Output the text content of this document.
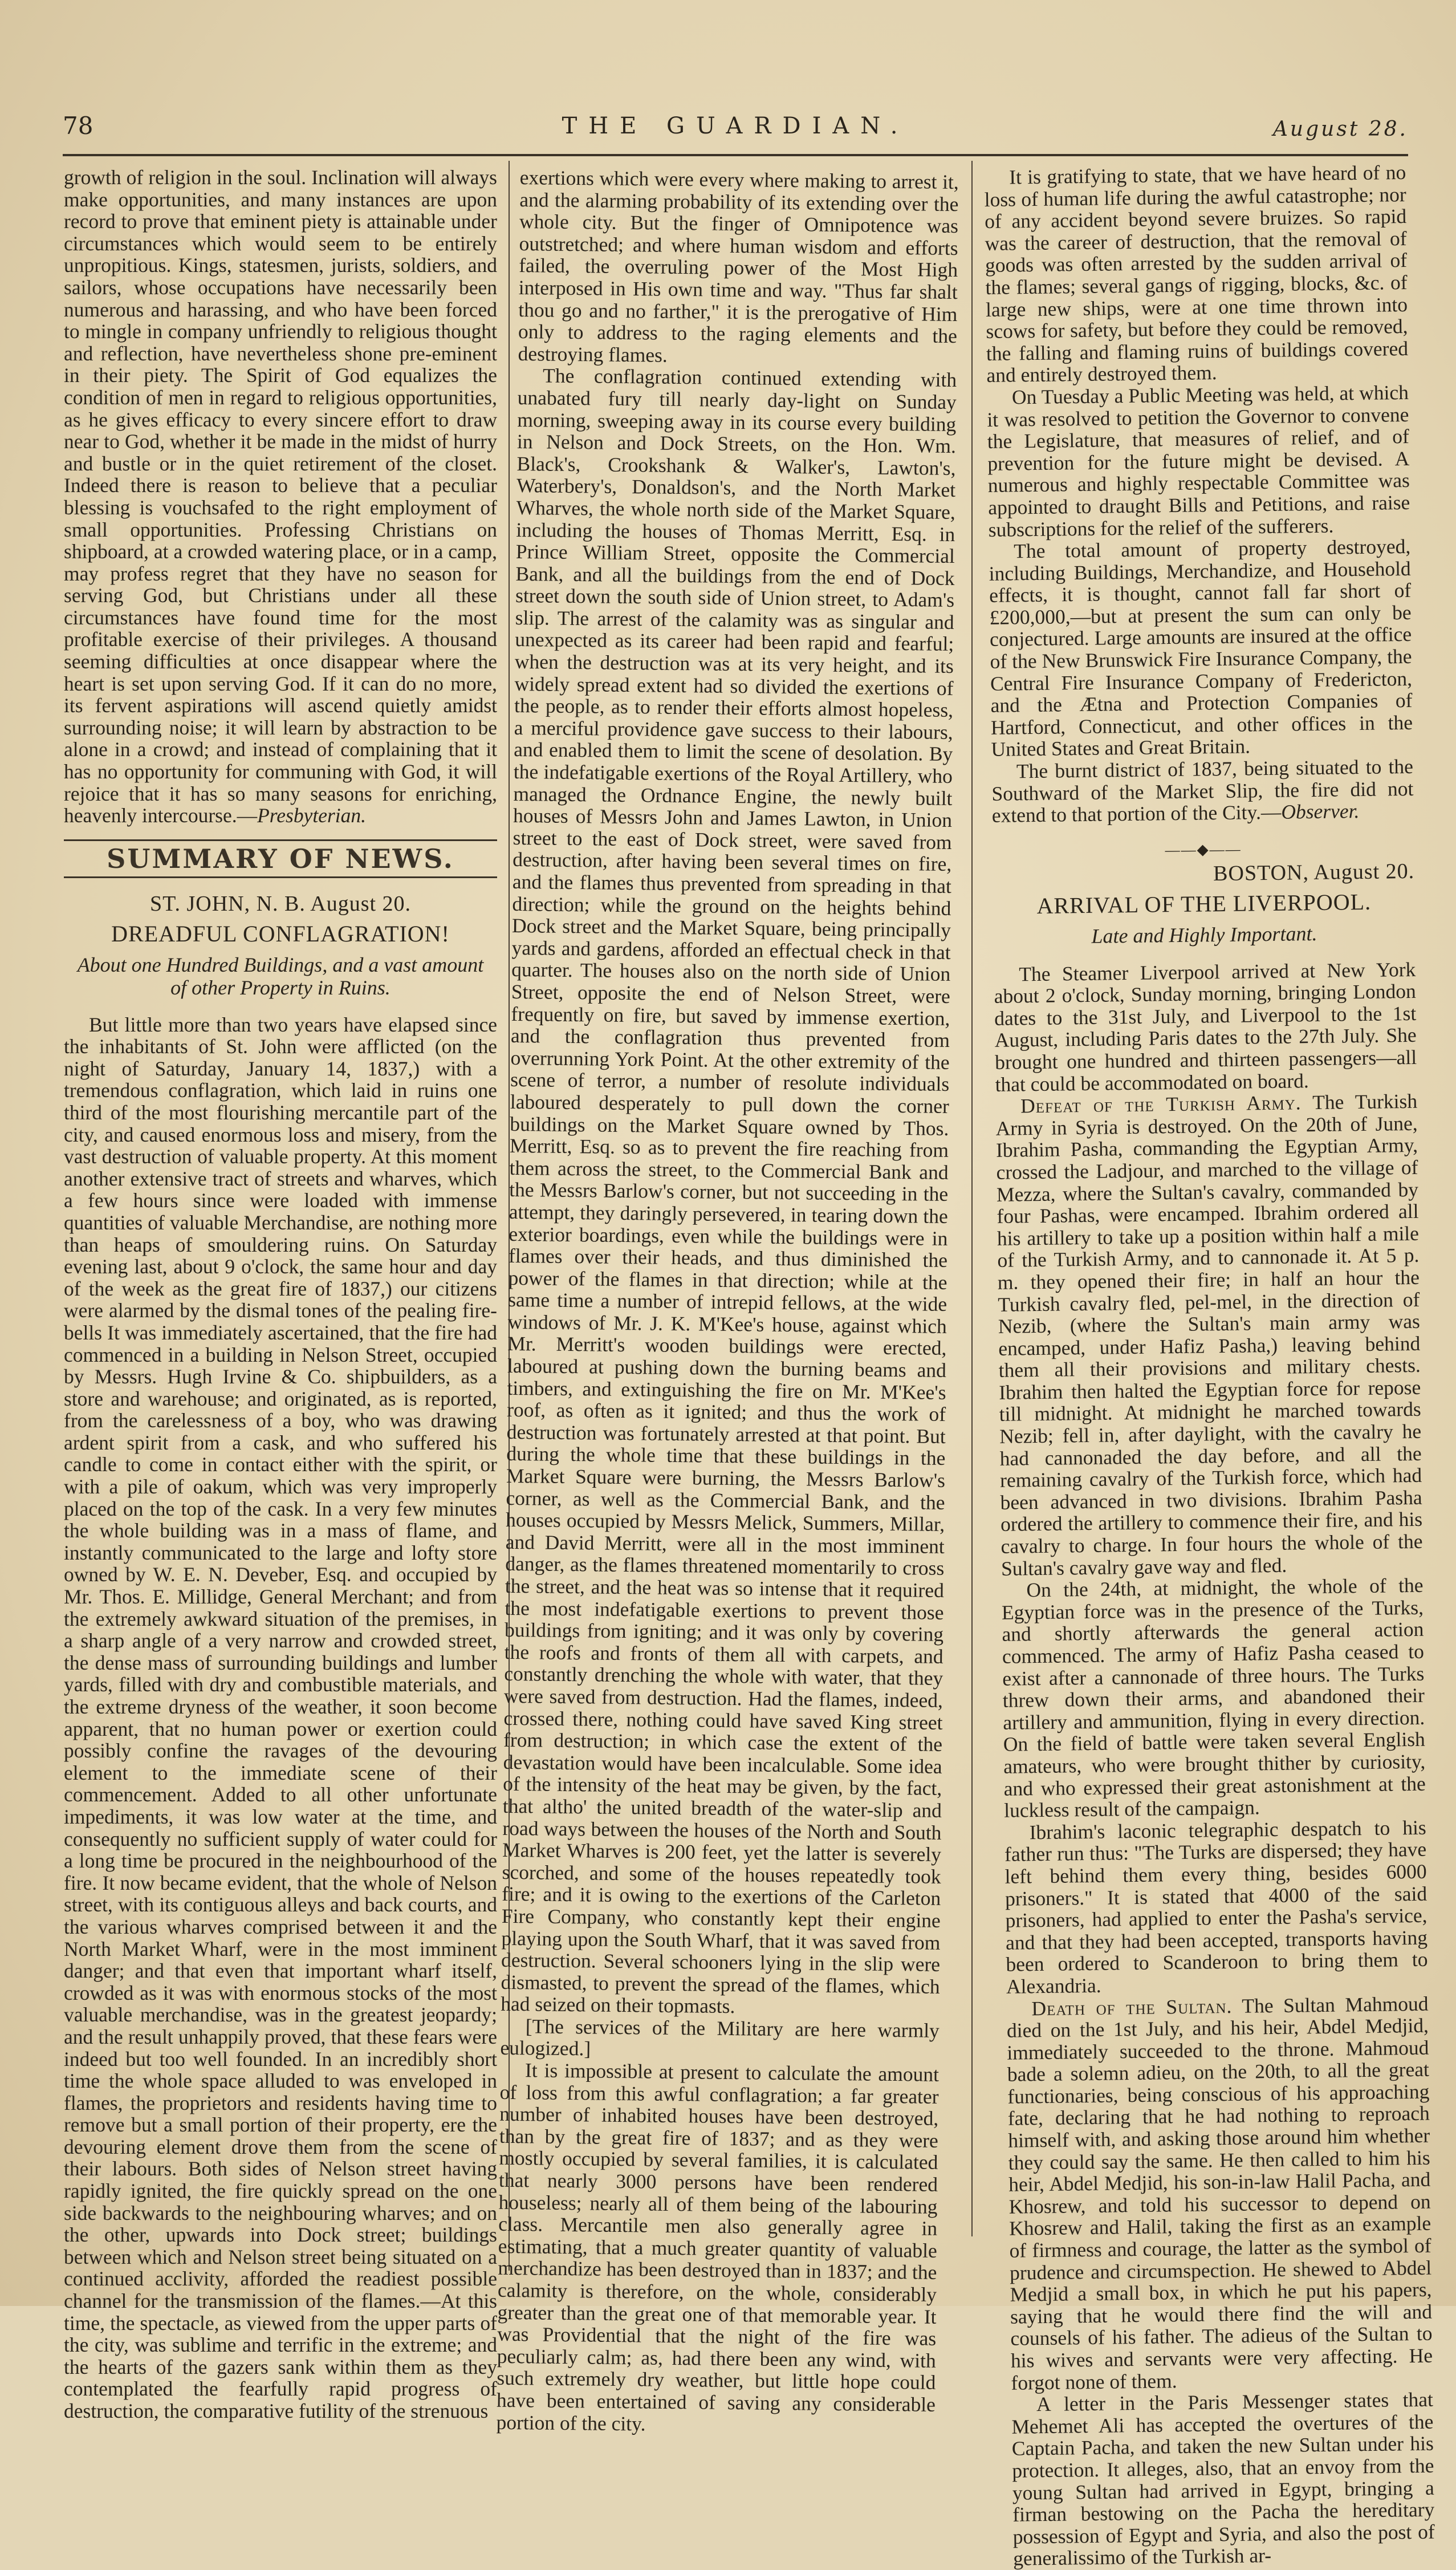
78	THE GUARDIAN.	August 28.

growth of religion in the soul. Inclination will always make opportunities, and many instances are upon record to prove that eminent piety is attainable under circumstances which would seem to be entirely unpropitious. Kings, statesmen, jurists, soldiers, and sailors, whose occupations have necessarily been numerous and harassing, and who have been forced to mingle in company unfriendly to religious thought and reflection, have nevertheless shone pre-eminent in their piety. The Spirit of God equalizes the condition of men in regard to religious opportunities, as he gives efficacy to every sincere effort to draw near to God, whether it be made in the midst of hurry and bustle or in the quiet retirement of the closet. Indeed there is reason to believe that a peculiar blessing is vouchsafed to the right employment of small opportunities. Professing Christians on shipboard, at a crowded watering place, or in a camp, may profess regret that they have no season for serving God, but Christians under all these circumstances have found time for the most profitable exercise of their privileges. A thousand seeming difficulties at once disappear where the heart is set upon serving God. If it can do no more, its fervent aspirations will ascend quietly amidst surrounding noise; it will learn by abstraction to be alone in a crowd; and instead of complaining that it has no opportunity for communing with God, it will rejoice that it has so many seasons for enriching, heavenly intercourse.—Presbyterian.

SUMMARY OF NEWS.
ST. JOHN, N. B. August 20.
DREADFUL CONFLAGRATION!
About one Hundred Buildings, and a vast amount of other Property in Ruins.

But little more than two years have elapsed since the inhabitants of St. John were afflicted (on the night of Saturday, January 14, 1837,) with a tremendous conflagration, which laid in ruins one third of the most flourishing mercantile part of the city, and caused enormous loss and misery, from the vast destruction of valuable property. At this moment another extensive tract of streets and wharves, which a few hours since were loaded with immense quantities of valuable Merchandise, are nothing more than heaps of smouldering ruins. On Saturday evening last, about 9 o'clock, the same hour and day of the week as the great fire of 1837,) our citizens were alarmed by the dismal tones of the pealing fire-bells It was immediately ascertained, that the fire had commenced in a building in Nelson Street, occupied by Messrs. Hugh Irvine & Co. shipbuilders, as a store and warehouse; and originated, as is reported, from the carelessness of a boy, who was drawing ardent spirit from a cask, and who suffered his candle to come in contact either with the spirit, or with a pile of oakum, which was very improperly placed on the top of the cask. In a very few minutes the whole building was in a mass of flame, and instantly communicated to the large and lofty store owned by W. E. N. Deveber, Esq. and occupied by Mr. Thos. E. Millidge, General Merchant; and from the extremely awkward situation of the premises, in a sharp angle of a very narrow and crowded street, the dense mass of surrounding buildings and lumber yards, filled with dry and combustible materials, and the extreme dryness of the weather, it soon become apparent, that no human power or exertion could possibly confine the ravages of the devouring element to the immediate scene of their commencement. Added to all other unfortunate impediments, it was low water at the time, and consequently no sufficient supply of water could for a long time be procured in the neighbourhood of the fire. It now became evident, that the whole of Nelson street, with its contiguous alleys and back courts, and the various wharves comprised between it and the North Market Wharf, were in the most imminent danger; and that even that important wharf itself, crowded as it was with enormous stocks of the most valuable merchandise, was in the greatest jeopardy; and the result unhappily proved, that these fears were indeed but too well founded. In an incredibly short time the whole space alluded to was enveloped in flames, the proprietors and residents having time to remove but a small portion of their property, ere the devouring element drove them from the scene of their labours. Both sides of Nelson street having rapidly ignited, the fire quickly spread on the one side backwards to the neighbouring wharves; and on the other, upwards into Dock street; buildings between which and Nelson street being situated on a continued acclivity, afforded the readiest possible channel for the transmission of the flames.—At this time, the spectacle, as viewed from the upper parts of the city, was sublime and terrific in the extreme; and the hearts of the gazers sank within them as they contemplated the fearfully rapid progress of destruction, the comparative futility of the strenuous

exertions which were every where making to arrest it, and the alarming probability of its extending over the whole city. But the finger of Omnipotence was outstretched; and where human wisdom and efforts failed, the overruling power of the Most High interposed in His own time and way. "Thus far shalt thou go and no farther," it is the prerogative of Him only to address to the raging elements and the destroying flames.

The conflagration continued extending with unabated fury till nearly day-light on Sunday morning, sweeping away in its course every building in Nelson and Dock Streets, on the Hon. Wm. Black's, Crookshank & Walker's, Lawton's, Waterbery's, Donaldson's, and the North Market Wharves, the whole north side of the Market Square, including the houses of Thomas Merritt, Esq. in Prince William Street, opposite the Commercial Bank, and all the buildings from the end of Dock street down the south side of Union street, to Adam's slip. The arrest of the calamity was as singular and unexpected as its career had been rapid and fearful; when the destruction was at its very height, and its widely spread extent had so divided the exertions of the people, as to render their efforts almost hopeless, a merciful providence gave success to their labours, and enabled them to limit the scene of desolation. By the indefatigable exertions of the Royal Artillery, who managed the Ordnance Engine, the newly built houses of Messrs John and James Lawton, in Union street to the east of Dock street, were saved from destruction, after having been several times on fire, and the flames thus prevented from spreading in that direction; while the ground on the heights behind Dock street and the Market Square, being principally yards and gardens, afforded an effectual check in that quarter. The houses also on the north side of Union Street, opposite the end of Nelson Street, were frequently on fire, but saved by immense exertion, and the conflagration thus prevented from overrunning York Point. At the other extremity of the scene of terror, a number of resolute individuals laboured desperately to pull down the corner buildings on the Market Square owned by Thos. Merritt, Esq. so as to prevent the fire reaching from them across the street, to the Commercial Bank and the Messrs Barlow's corner, but not succeeding in the attempt, they daringly persevered, in tearing down the exterior boardings, even while the buildings were in flames over their heads, and thus diminished the power of the flames in that direction; while at the same time a number of intrepid fellows, at the wide windows of Mr. J. K. M'Kee's house, against which Mr. Merritt's wooden buildings were erected, laboured at pushing down the burning beams and timbers, and extinguishing the fire on Mr. M'Kee's roof, as often as it ignited; and thus the work of destruction was fortunately arrested at that point. But during the whole time that these buildings in the Market Square were burning, the Messrs Barlow's corner, as well as the Commercial Bank, and the houses occupied by Messrs Melick, Summers, Millar, and David Merritt, were all in the most imminent danger, as the flames threatened momentarily to cross the street, and the heat was so intense that it required the most indefatigable exertions to prevent those buildings from igniting; and it was only by covering the roofs and fronts of them all with carpets, and constantly drenching the whole with water, that they were saved from destruction. Had the flames, indeed, crossed there, nothing could have saved King street from destruction; in which case the extent of the devastation would have been incalculable. Some idea of the intensity of the heat may be given, by the fact, that altho' the united breadth of the water-slip and road ways between the houses of the North and South Market Wharves is 200 feet, yet the latter is severely scorched, and some of the houses repeatedly took fire; and it is owing to the exertions of the Carleton Fire Company, who constantly kept their engine playing upon the South Wharf, that it was saved from destruction. Several schooners lying in the slip were dismasted, to prevent the spread of the flames, which had seized on their topmasts.

[The services of the Military are here warmly eulogized.]

It is impossible at present to calculate the amount of loss from this awful conflagration; a far greater number of inhabited houses have been destroyed, than by the great fire of 1837; and as they were mostly occupied by several families, it is calculated that nearly 3000 persons have been rendered houseless; nearly all of them being of the labouring class. Mercantile men also generally agree in estimating, that a much greater quantity of valuable merchandize has been destroyed than in 1837; and the calamity is therefore, on the whole, considerably greater than the great one of that memorable year. It was Providential that the night of the fire was peculiarly calm; as, had there been any wind, with such extremely dry weather, but little hope could have been entertained of saving any considerable portion of the city.

It is gratifying to state, that we have heard of no loss of human life during the awful catastrophe; nor of any accident beyond severe bruizes. So rapid was the career of destruction, that the removal of goods was often arrested by the sudden arrival of the flames; several gangs of rigging, blocks, &c. of large new ships, were at one time thrown into scows for safety, but before they could be removed, the falling and flaming ruins of buildings covered and entirely destroyed them.

On Tuesday a Public Meeting was held, at which it was resolved to petition the Governor to convene the Legislature, that measures of relief, and of prevention for the future might be devised. A numerous and highly respectable Committee was appointed to draught Bills and Petitions, and raise subscriptions for the relief of the sufferers.

The total amount of property destroyed, including Buildings, Merchandize, and Household effects, it is thought, cannot fall far short of £200,000,—but at present the sum can only be conjectured. Large amounts are insured at the office of the New Brunswick Fire Insurance Company, the Central Fire Insurance Company of Fredericton, and the Ætna and Protection Companies of Hartford, Connecticut, and other offices in the United States and Great Britain.

The burnt district of 1837, being situated to the Southward of the Market Slip, the fire did not extend to that portion of the City.—Observer.

——◆——
BOSTON, August 20.
ARRIVAL OF THE LIVERPOOL.
Late and Highly Important.

The Steamer Liverpool arrived at New York about 2 o'clock, Sunday morning, bringing London dates to the 31st July, and Liverpool to the 1st August, including Paris dates to the 27th July. She brought one hundred and thirteen passengers—all that could be accommodated on board.

Defeat of the Turkish Army. The Turkish Army in Syria is destroyed. On the 20th of June, Ibrahim Pasha, commanding the Egyptian Army, crossed the Ladjour, and marched to the village of Mezza, where the Sultan's cavalry, commanded by four Pashas, were encamped. Ibrahim ordered all his artillery to take up a position within half a mile of the Turkish Army, and to cannonade it. At 5 p. m. they opened their fire; in half an hour the Turkish cavalry fled, pel-mel, in the direction of Nezib, (where the Sultan's main army was encamped, under Hafiz Pasha,) leaving behind them all their provisions and military chests. Ibrahim then halted the Egyptian force for repose till midnight. At midnight he marched towards Nezib; fell in, after daylight, with the cavalry he had cannonaded the day before, and all the remaining cavalry of the Turkish force, which had been advanced in two divisions. Ibrahim Pasha ordered the artillery to commence their fire, and his cavalry to charge. In four hours the whole of the Sultan's cavalry gave way and fled.

On the 24th, at midnight, the whole of the Egyptian force was in the presence of the Turks, and shortly afterwards the general action commenced. The army of Hafiz Pasha ceased to exist after a cannonade of three hours. The Turks threw down their arms, and abandoned their artillery and ammunition, flying in every direction. On the field of battle were taken several English amateurs, who were brought thither by curiosity, and who expressed their great astonishment at the luckless result of the campaign.

Ibrahim's laconic telegraphic despatch to his father run thus: "The Turks are dispersed; they have left behind them every thing, besides 6000 prisoners." It is stated that 4000 of the said prisoners, had applied to enter the Pasha's service, and that they had been accepted, transports having been ordered to Scanderoon to bring them to Alexandria.

Death of the Sultan. The Sultan Mahmoud died on the 1st July, and his heir, Abdel Medjid, immediately succeeded to the throne. Mahmoud bade a solemn adieu, on the 20th, to all the great functionaries, being conscious of his approaching fate, declaring that he had nothing to reproach himself with, and asking those around him whether they could say the same. He then called to him his heir, Abdel Medjid, his son-in-law Halil Pacha, and Khosrew, and told his successor to depend on Khosrew and Halil, taking the first as an example of firmness and courage, the latter as the symbol of prudence and circumspection. He shewed to Abdel Medjid a small box, in which he put his papers, saying that he would there find the will and counsels of his father. The adieus of the Sultan to his wives and servants were very affecting. He forgot none of them.

A letter in the Paris Messenger states that Mehemet Ali has accepted the overtures of the Captain Pacha, and taken the new Sultan under his protection. It alleges, also, that an envoy from the young Sultan had arrived in Egypt, bringing a firman bestowing on the Pacha the hereditary possession of Egypt and Syria, and also the post of generalissimo of the Turkish ar-
